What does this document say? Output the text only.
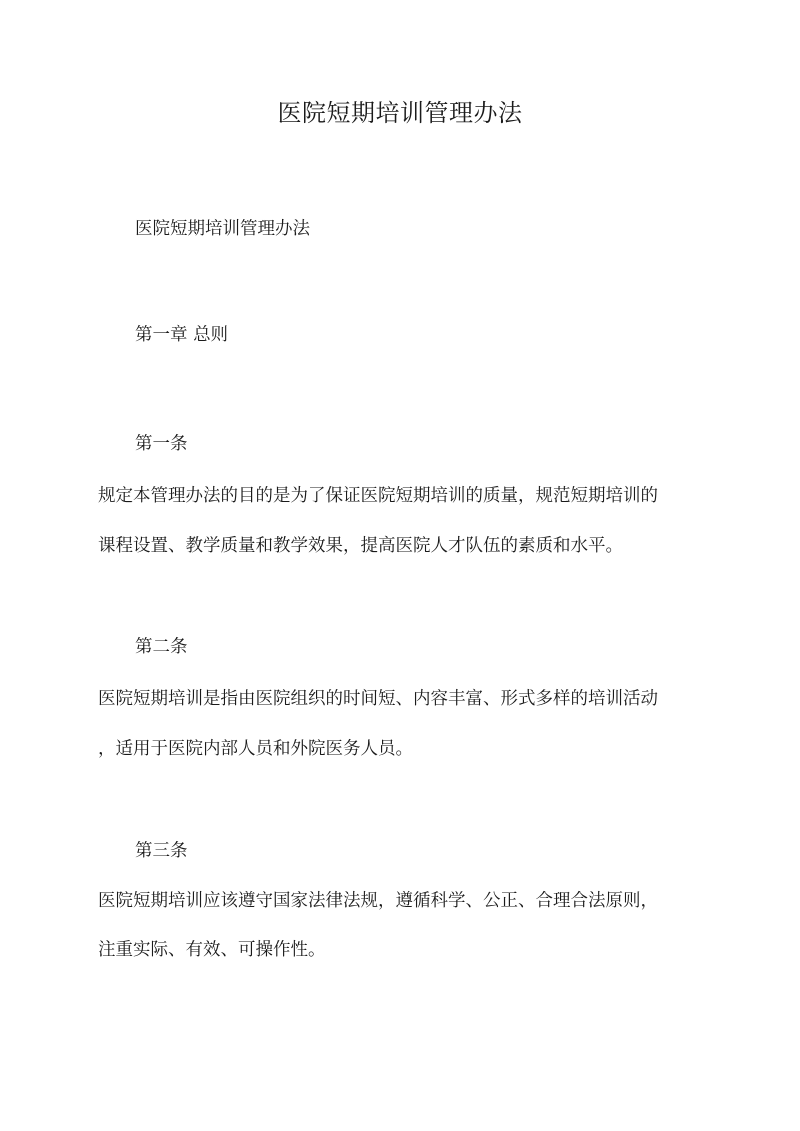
医院短期培训管理办法
医院短期培训管理办法
第一章 总则
第一条
规定本管理办法的目的是为了保证医院短期培训的质量，规范短期培训的
课程设置、教学质量和教学效果，提高医院人才队伍的素质和水平。
第二条
医院短期培训是指由医院组织的时间短、内容丰富、形式多样的培训活动
，适用于医院内部人员和外院医务人员。
第三条
医院短期培训应该遵守国家法律法规，遵循科学、公正、合理合法原则，
注重实际、有效、可操作性。
